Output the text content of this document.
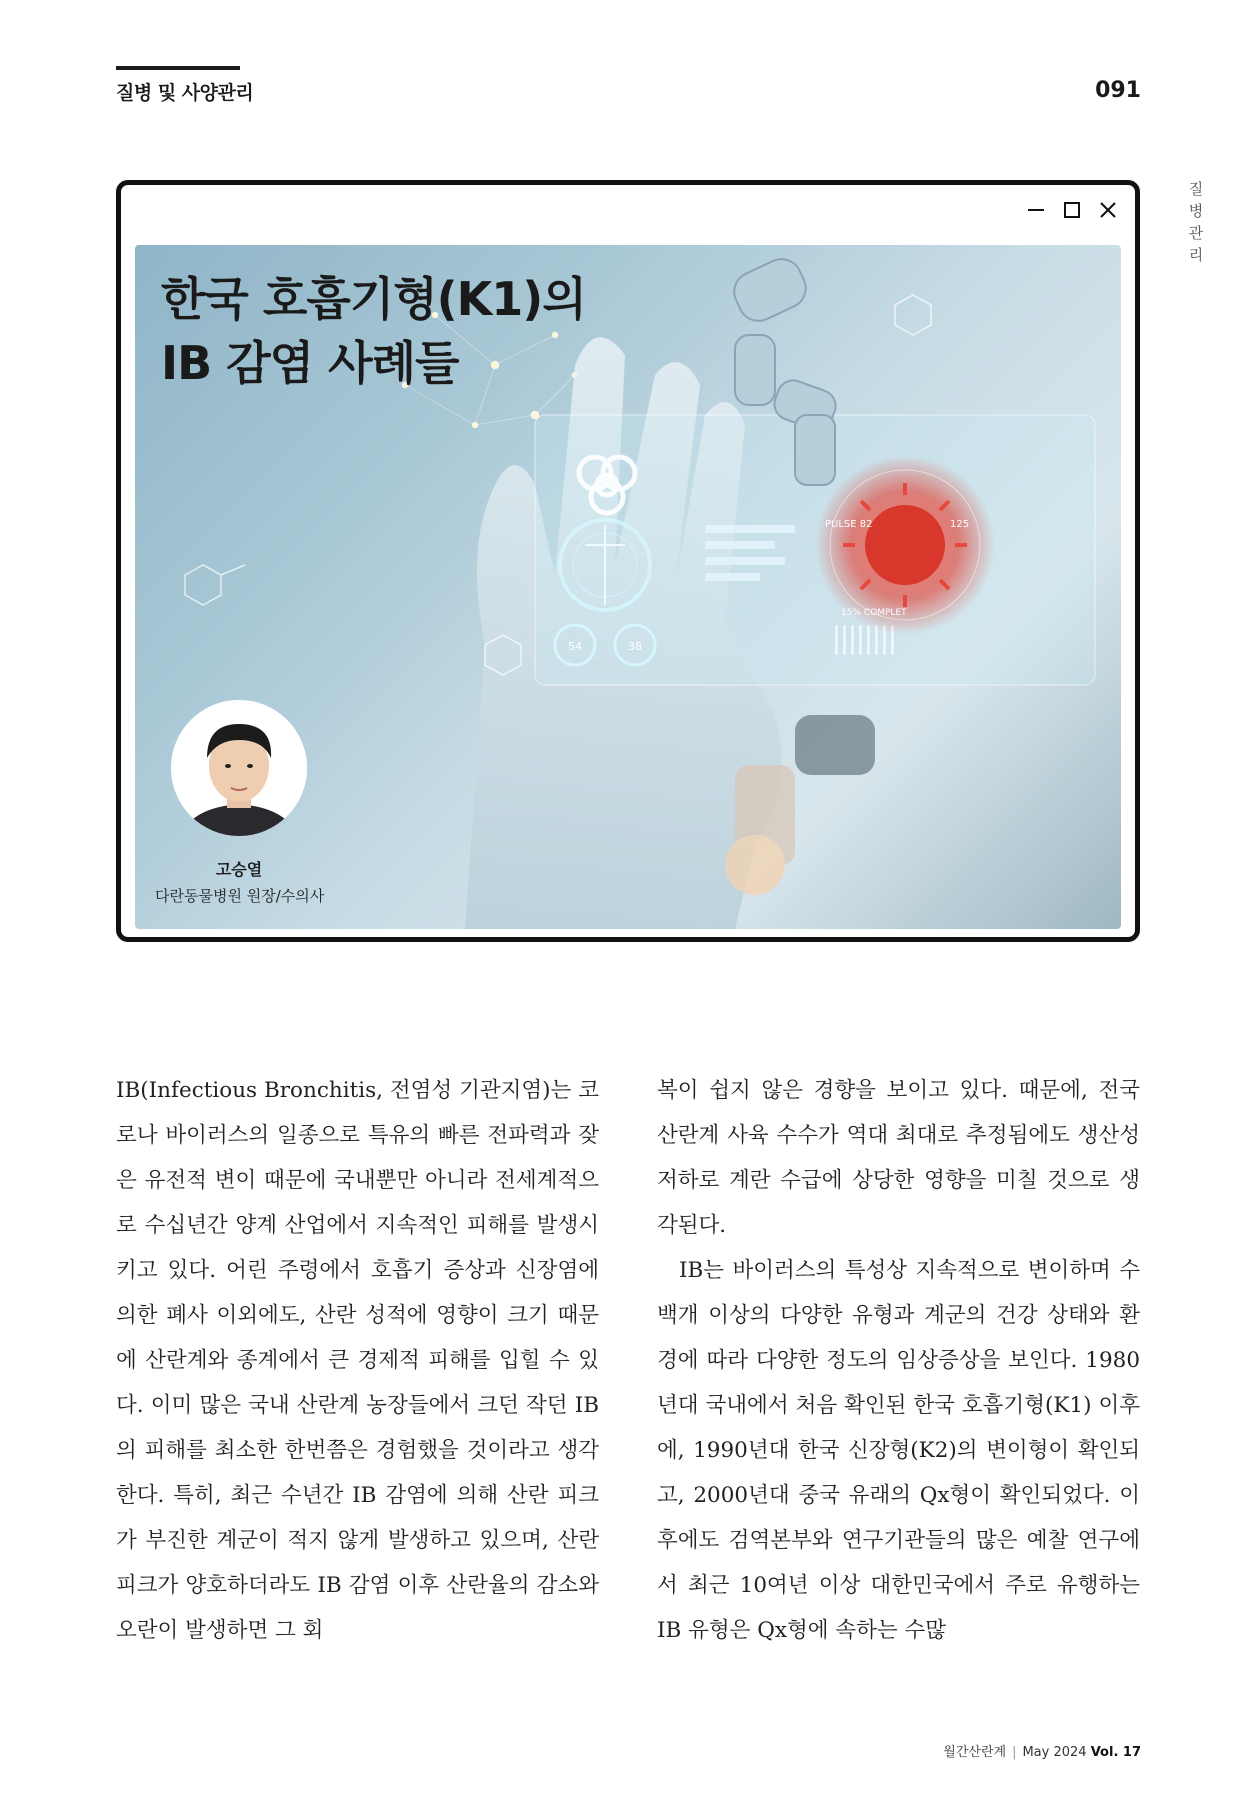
질병 및 사양관리	091
질병관리
54	38
PULSE 82	125
15% COMPLET
한국 호흡기형(K1)의
IB 감염 사례들
고승열
다란동물병원 원장/수의사

IB(Infectious Bronchitis, 전염성 기관지염)는 코로나 바이러스의 일종으로 특유의 빠른 전파력과 잦은 유전적 변이 때문에 국내뿐만 아니라 전세계적으로 수십년간 양계 산업에서 지속적인 피해를 발생시키고 있다. 어린 주령에서 호흡기 증상과 신장염에 의한 폐사 이외에도, 산란 성적에 영향이 크기 때문에 산란계와 종계에서 큰 경제적 피해를 입힐 수 있다. 이미 많은 국내 산란계 농장들에서 크던 작던 IB의 피해를 최소한 한번쯤은 경험했을 것이라고 생각한다. 특히, 최근 수년간 IB 감염에 의해 산란 피크가 부진한 계군이 적지 않게 발생하고 있으며, 산란 피크가 양호하더라도 IB 감염 이후 산란율의 감소와 오란이 발생하면 그 회

복이 쉽지 않은 경향을 보이고 있다. 때문에, 전국 산란계 사육 수수가 역대 최대로 추정됨에도 생산성 저하로 계란 수급에 상당한 영향을 미칠 것으로 생각된다.

IB는 바이러스의 특성상 지속적으로 변이하며 수백개 이상의 다양한 유형과 계군의 건강 상태와 환경에 따라 다양한 정도의 임상증상을 보인다. 1980년대 국내에서 처음 확인된 한국 호흡기형(K1) 이후에, 1990년대 한국 신장형(K2)의 변이형이 확인되고, 2000년대 중국 유래의 Qx형이 확인되었다. 이후에도 검역본부와 연구기관들의 많은 예찰 연구에서 최근 10여년 이상 대한민국에서 주로 유행하는 IB 유형은 Qx형에 속하는 수많

월간산란계 | May 2024 Vol. 17
